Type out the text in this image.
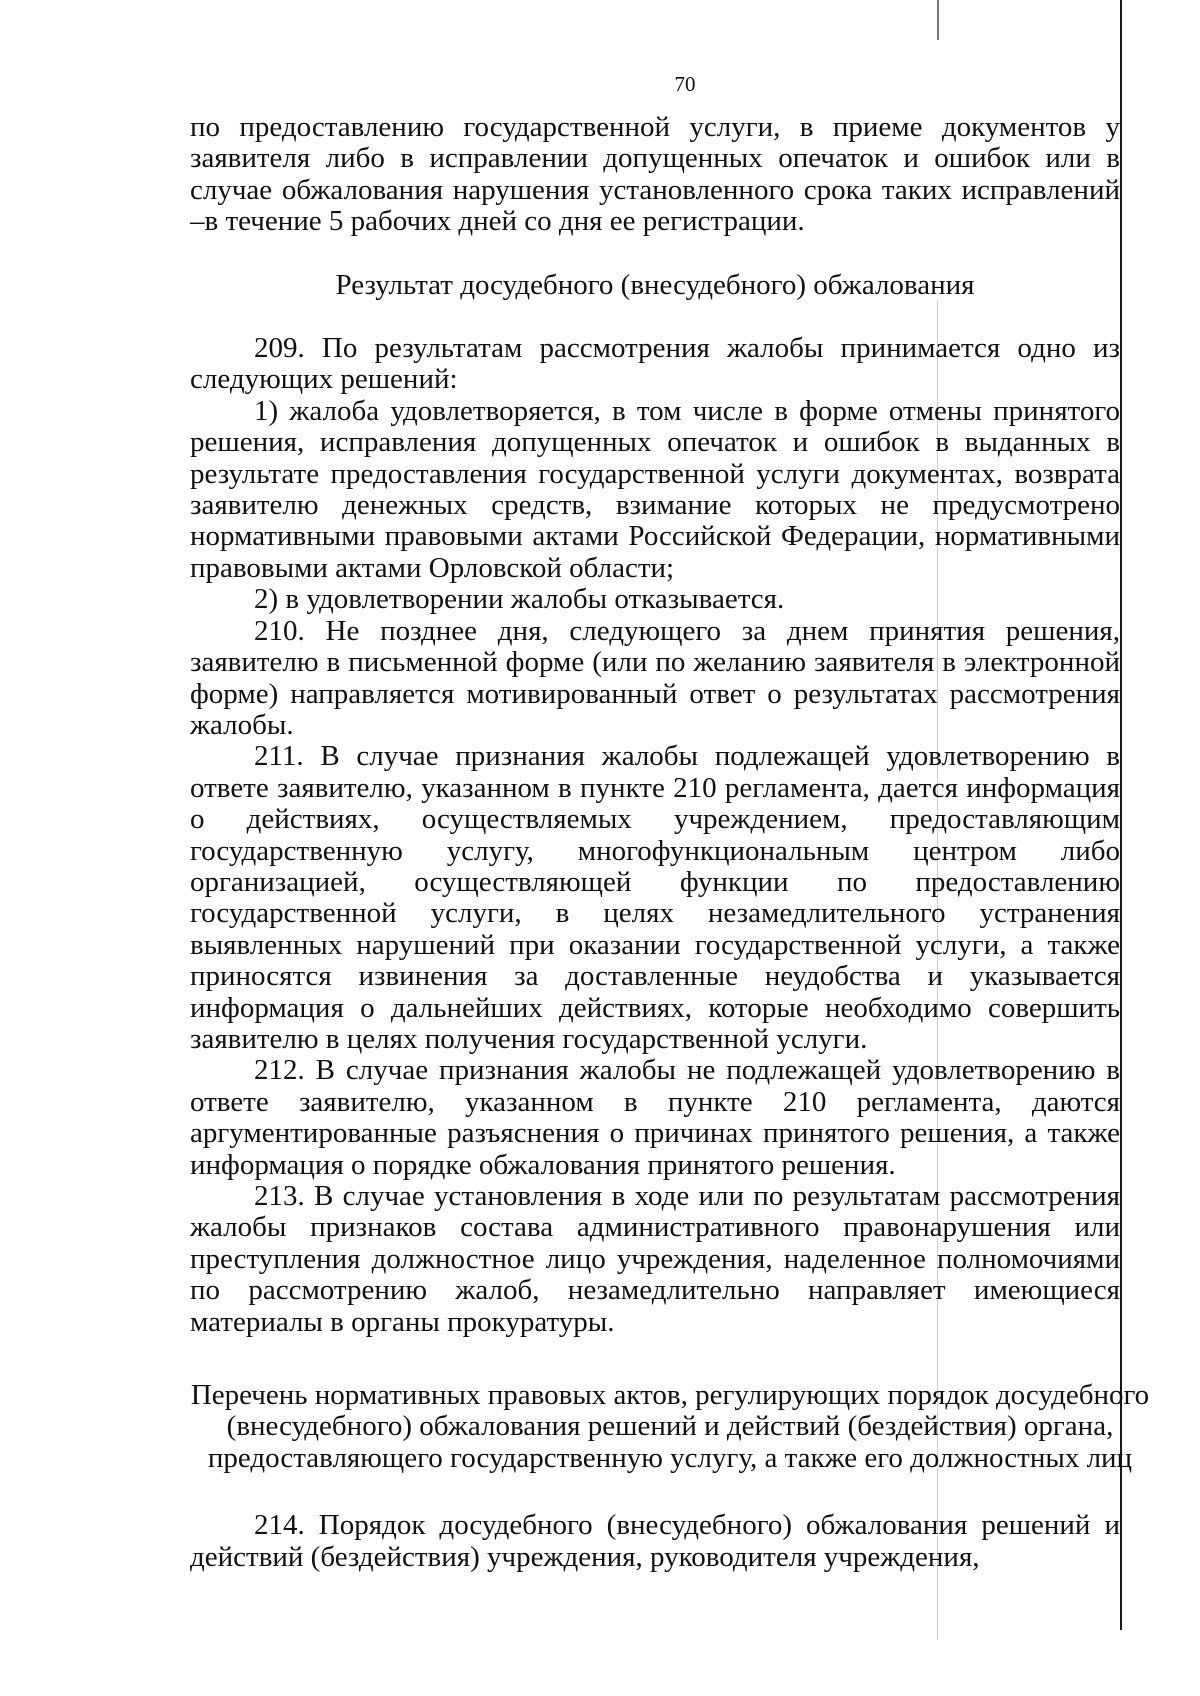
70

по предоставлению государственной услуги, в приеме документов у заявителя либо в исправлении допущенных опечаток и ошибок или в случае обжалования нарушения установленного срока таких исправлений –в течение 5 рабочих дней со дня ее регистрации.

Результат досудебного (внесудебного) обжалования

209. По результатам рассмотрения жалобы принимается одно из следующих решений:

1) жалоба удовлетворяется, в том числе в форме отмены принятого решения, исправления допущенных опечаток и ошибок в выданных в результате предоставления государственной услуги документах, возврата заявителю денежных средств, взимание которых не предусмотрено нормативными правовыми актами Российской Федерации, нормативными правовыми актами Орловской области;

2) в удовлетворении жалобы отказывается.

210. Не позднее дня, следующего за днем принятия решения, заявителю в письменной форме (или по желанию заявителя в электронной форме) направляется мотивированный ответ о результатах рассмотрения жалобы.

211. В случае признания жалобы подлежащей удовлетворению в ответе заявителю, указанном в пункте 210 регламента, дается информация о действиях, осуществляемых учреждением, предоставляющим государственную услугу, многофункциональным центром либо организацией, осуществляющей функции по предоставлению государственной услуги, в целях незамедлительного устранения выявленных нарушений при оказании государственной услуги, а также приносятся извинения за доставленные неудобства и указывается информация о дальнейших действиях, которые необходимо совершить заявителю в целях получения государственной услуги.

212. В случае признания жалобы не подлежащей удовлетворению в ответе заявителю, указанном в пункте 210 регламента, даются аргументированные разъяснения о причинах принятого решения, а также информация о порядке обжалования принятого решения.

213. В случае установления в ходе или по результатам рассмотрения жалобы признаков состава административного правонарушения или преступления должностное лицо учреждения, наделенное полномочиями по рассмотрению жалоб, незамедлительно направляет имеющиеся материалы в органы прокуратуры.

Перечень нормативных правовых актов, регулирующих порядок досудебного (внесудебного) обжалования решений и действий (бездействия) органа, предоставляющего государственную услугу, а также его должностных лиц

214. Порядок досудебного (внесудебного) обжалования решений и действий (бездействия) учреждения, руководителя учреждения,
